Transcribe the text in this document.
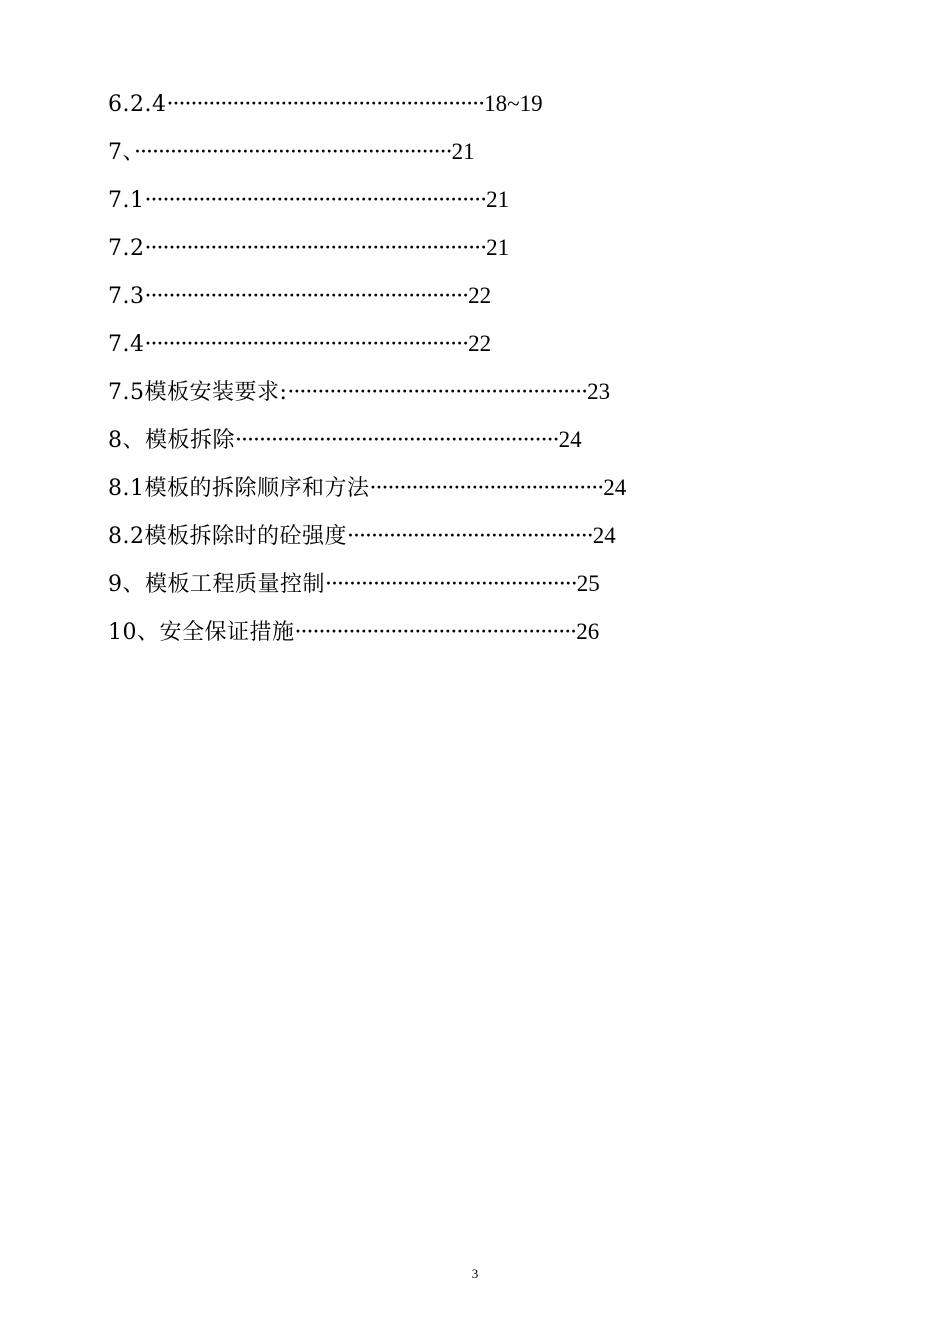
6.2.4·····················································18~19
7、·····················································21
7.1·························································21
7.2·························································21
7.3······················································22
7.4······················································22
7.5模板安装要求:··················································23
8、模板拆除······················································24
8.1模板的拆除顺序和方法·······································24
8.2模板拆除时的砼强度·········································24
9、模板工程质量控制··········································25
10、安全保证措施···············································26
3
